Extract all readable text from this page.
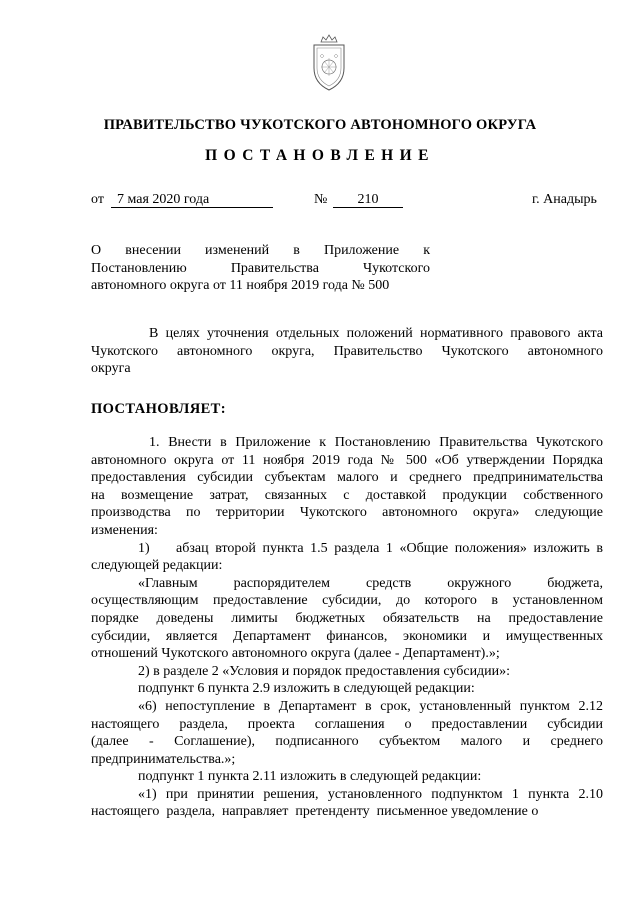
ПРАВИТЕЛЬСТВО ЧУКОТСКОГО АВТОНОМНОГО ОКРУГА
ПОСТАНОВЛЕНИЕ
от 7 мая 2020 года	№	210	г. Анадырь
О внесении изменений в Приложение к
Постановлению Правительства Чукотского
автономного округа от 11 ноября 2019 года № 500
В целях уточнения отдельных положений нормативного правового акта
Чукотского автономного округа, Правительство Чукотского автономного
округа
ПОСТАНОВЛЯЕТ:
1. Внести в Приложение к Постановлению Правительства Чукотского
автономного округа от 11 ноября 2019 года № 500 «Об утверждении Порядка
предоставления субсидии субъектам малого и среднего предпринимательства
на возмещение затрат, связанных с доставкой продукции собственного
производства по территории Чукотского автономного округа» следующие
изменения:
1)    абзац второй пункта 1.5 раздела 1 «Общие положения» изложить в
следующей редакции:
«Главным распорядителем средств окружного бюджета,
осуществляющим предоставление субсидии, до которого в установленном
порядке доведены лимиты бюджетных обязательств на предоставление
субсидии, является Департамент финансов, экономики и имущественных
отношений Чукотского автономного округа (далее - Департамент).»;
2) в разделе 2 «Условия и порядок предоставления субсидии»:
подпункт 6 пункта 2.9 изложить в следующей редакции:
«6) непоступление в Департамент в срок, установленный пунктом 2.12
настоящего раздела, проекта соглашения о предоставлении субсидии
(далее - Соглашение), подписанного субъектом малого и среднего
предпринимательства.»;
подпункт 1 пункта 2.11 изложить в следующей редакции:
«1) при принятии решения, установленного подпунктом 1 пункта 2.10
настоящего  раздела,  направляет  претенденту  письменное уведомление о
